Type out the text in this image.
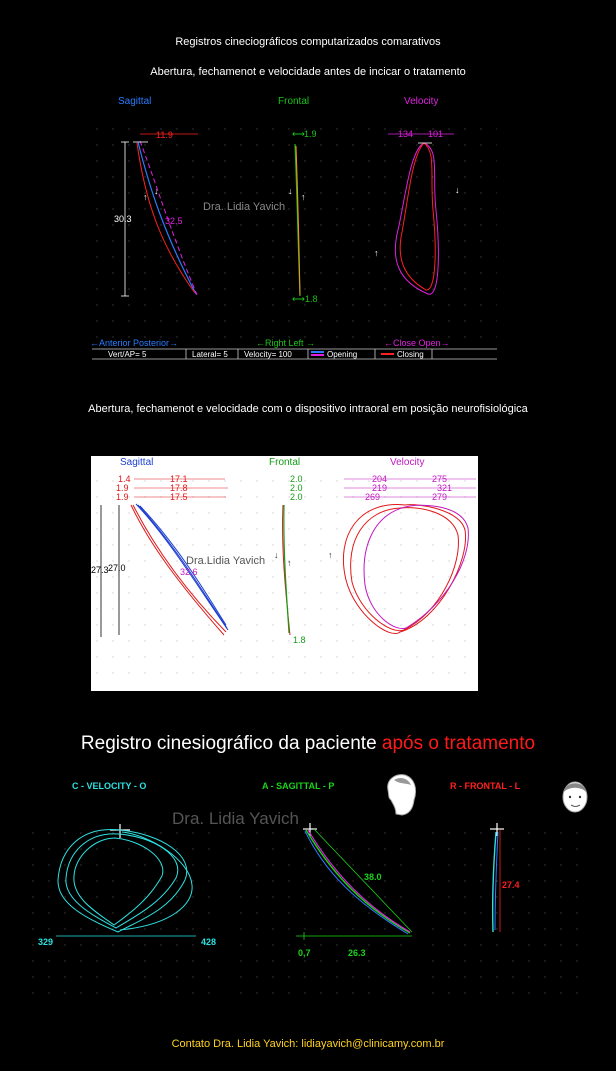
Registros cineciográficos computarizados comarativos
Abertura, fechamenot e velocidade antes de incicar o tratamento
Abertura, fechamenot e velocidade com o dispositivo intraoral em posição neurofisiológica
Registro cinesiográfico da paciente após o tratamento
Contato Dra. Lidia Yavich: lidiayavich@clinicamy.com.br
Sagittal	Frontal	Velocity
11.9
30.3	32.5
↓
↑
⟷ 1.9
↓
↑
⟷ 1.8
134 101
↓
↑
Dra. Lidia Yavich
←Anterior Posterior→	←Right Left →	←Close Open→
Vert/AP= 5	Lateral= 5 Velocity= 100	Opening	Closing
Sagittal	Frontal	Velocity
1.4	17.1
1.9	17.8
1.9	17.5
27.3 27.0	32.6
Dra.Lidia Yavich
2.0
2.0
2.0
1.8
↓
↑
204	275
219	321
269	279
↑
C - VELOCITY - O	A - SAGITTAL - P	R - FRONTAL - L
Dra. Lidia Yavich
329	428
38.0
0,7	26.3
27.4
